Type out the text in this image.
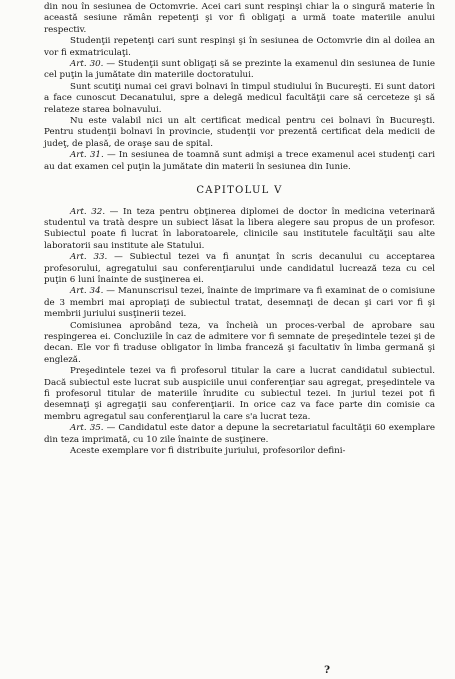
din nou în sesiunea de Octomvrie. Acei cari sunt respinşi chiar la o singură materie în această sesiune rămân repetenţi şi vor fi obligaţi a urmă toate materiile anului respectiv.

Studenţii repetenţi cari sunt respinşi şi în sesiunea de Octomvrie din al doilea an vor fi exmatriculaţi.

Art. 30. — Studenţii sunt obligaţi să se prezinte la examenul din sesiunea de Iunie cel puţin la jumătate din materiile doctoratului.

Sunt scutiţi numai cei gravi bolnavi în timpul studiului în Bucureşti. Ei sunt datori a face cunoscut Decanatului, spre a delegă medicul facultăţii care să cerceteze şi să relateze starea bolnavului.

Nu este valabil nici un alt certificat medical pentru cei bolnavi în Bucureşti. Pentru studenţii bolnavi în provincie, studenţii vor prezentă certificat dela medicii de judeţ, de plasă, de oraşe sau de spital.

Art. 31. — In sesiunea de toamnă sunt admişi a trece examenul acei studenţi cari au dat examen cel puţin la jumătate din materii în sesiunea din Iunie.

CAPITOLUL V

Art. 32. — In teza pentru obţinerea diplomei de doctor în medicina veterinară studentul va tratà despre un subiect lăsat la libera alegere sau propus de un profesor. Subiectul poate fi lucrat în laboratoarele, clinicile sau institutele facultăţii sau alte laboratorii sau institute ale Statului.

Art. 33. — Subiectul tezei va fi anunţat în scris decanului cu acceptarea profesorului, agregatului sau conferenţiarului unde candidatul lucrează teza cu cel puţin 6 luni înainte de susţinerea ei.

Art. 34. — Manunscrisul tezei, înainte de imprimare va fi examinat de o comisiune de 3 membri mai apropiaţi de subiectul tratat, desemnaţi de decan şi cari vor fi şi membrii juriului susţinerii tezei.

Comisiunea aprobând teza, va încheià un proces-verbal de aprobare sau respingerea ei. Concluziile în caz de admitere vor fi semnate de preşedintele tezei şi de decan. Ele vor fi traduse obligator în limba franceză şi facultativ în limba germană şi engleză.

Preşedintele tezei va fi profesorul titular la care a lucrat candidatul subiectul. Dacă subiectul este lucrat sub auspiciile unui conferenţiar sau agregat, preşedintele va fi profesorul titular de materiile înrudite cu subiectul tezei. In juriul tezei pot fi desemnaţi şi agregaţii sau conferenţiarii. In orice caz va face parte din comisie ca membru agregatul sau conferenţiarul la care s'a lucrat teza.

Art. 35. — Candidatul este dator a depune la secretariatul facultăţii 60 exemplare din teza imprimată, cu 10 zile înainte de susţinere.

Aceste exemplare vor fi distribuite juriului, profesorilor defini-

?
